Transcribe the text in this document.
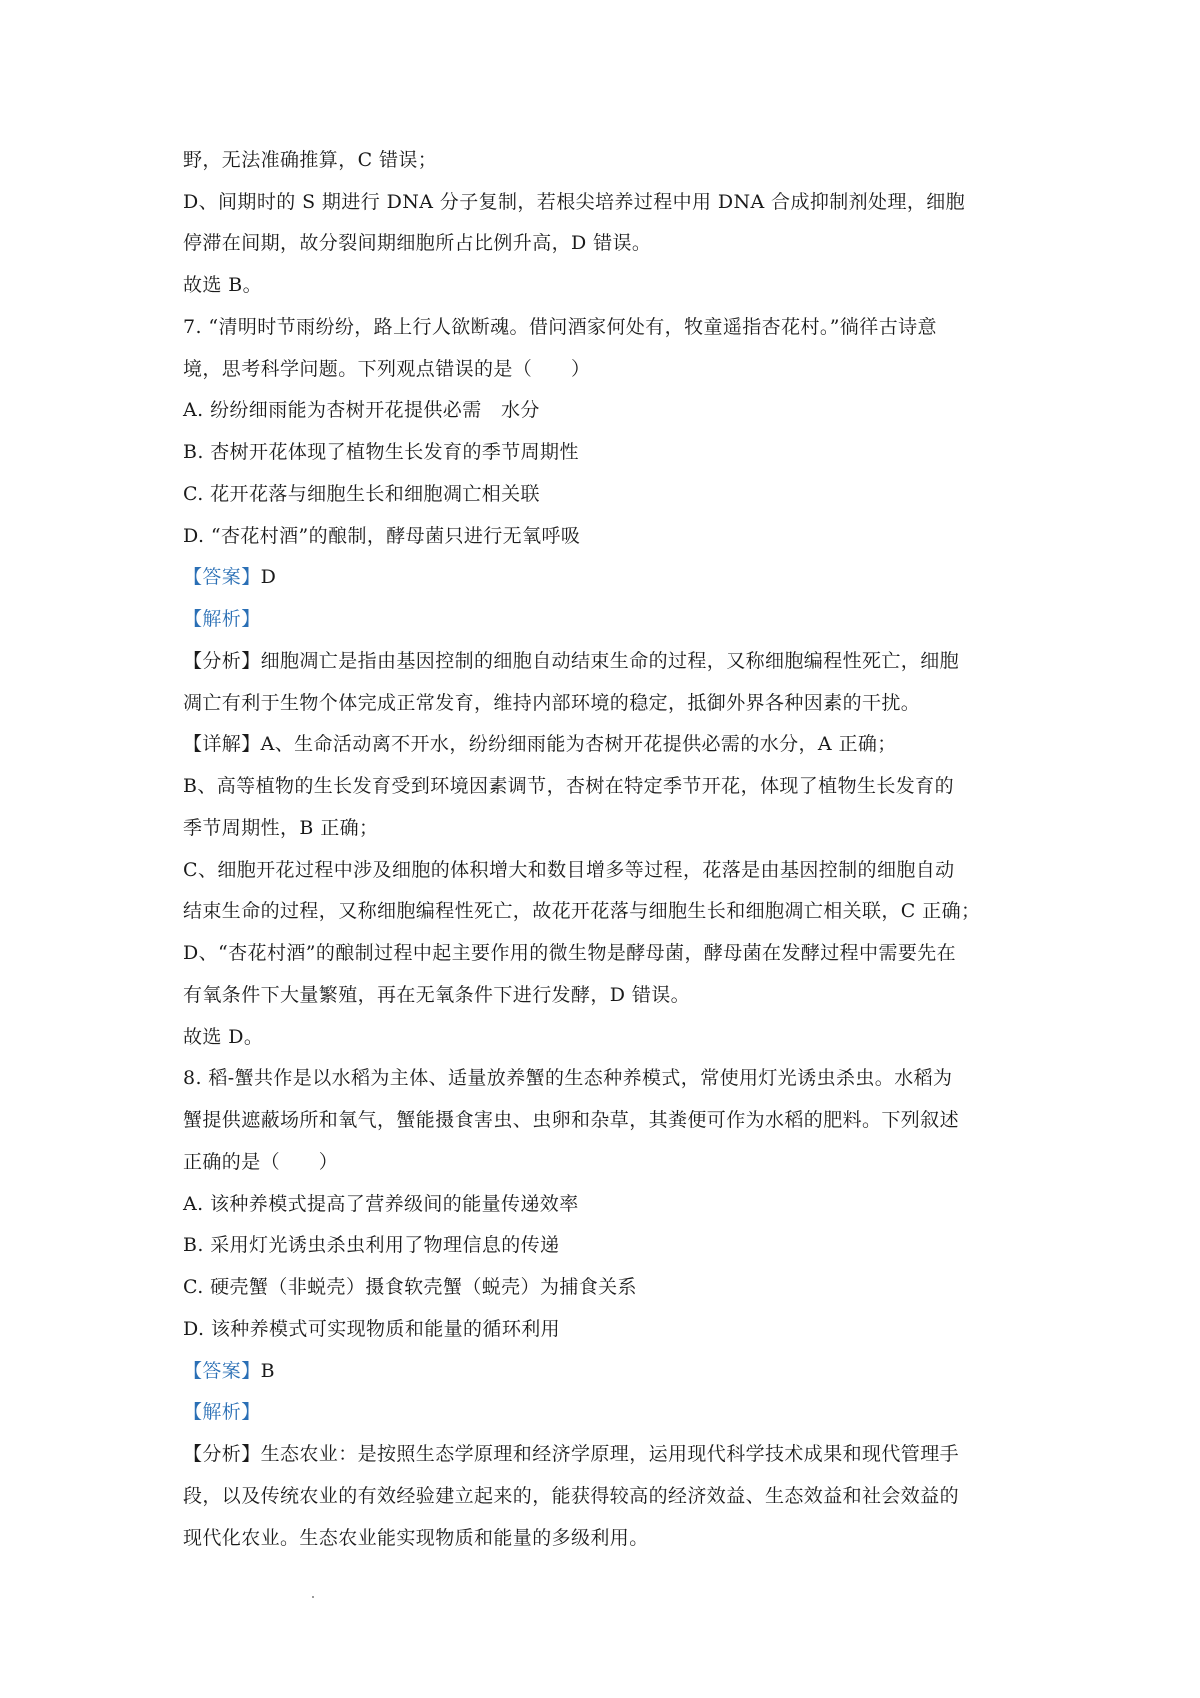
野，无法准确推算，C 错误；
D、间期时的 S 期进行 DNA 分子复制，若根尖培养过程中用 DNA 合成抑制剂处理，细胞
停滞在间期，故分裂间期细胞所占比例升高，D 错误。
故选 B。
7. “清明时节雨纷纷，路上行人欲断魂。借问酒家何处有，牧童遥指杏花村。”徜徉古诗意
境，思考科学问题。下列观点错误的是（　　）
A. 纷纷细雨能为杏树开花提供必需　水分
B. 杏树开花体现了植物生长发育的季节周期性
C. 花开花落与细胞生长和细胞凋亡相关联
D. “杏花村酒”的酿制，酵母菌只进行无氧呼吸
【答案】D
【解析】
【分析】细胞凋亡是指由基因控制的细胞自动结束生命的过程，又称细胞编程性死亡，细胞
凋亡有利于生物个体完成正常发育，维持内部环境的稳定，抵御外界各种因素的干扰。
【详解】A、生命活动离不开水，纷纷细雨能为杏树开花提供必需的水分，A 正确；
B、高等植物的生长发育受到环境因素调节，杏树在特定季节开花，体现了植物生长发育的
季节周期性，B 正确；
C、细胞开花过程中涉及细胞的体积增大和数目增多等过程，花落是由基因控制的细胞自动
结束生命的过程，又称细胞编程性死亡，故花开花落与细胞生长和细胞凋亡相关联，C 正确；
D、“杏花村酒”的酿制过程中起主要作用的微生物是酵母菌，酵母菌在发酵过程中需要先在
有氧条件下大量繁殖，再在无氧条件下进行发酵，D 错误。
故选 D。
8. 稻-蟹共作是以水稻为主体、适量放养蟹的生态种养模式，常使用灯光诱虫杀虫。水稻为
蟹提供遮蔽场所和氧气，蟹能摄食害虫、虫卵和杂草，其粪便可作为水稻的肥料。下列叙述
正确的是（　　）
A. 该种养模式提高了营养级间的能量传递效率
B. 采用灯光诱虫杀虫利用了物理信息的传递
C. 硬壳蟹（非蜕壳）摄食软壳蟹（蜕壳）为捕食关系
D. 该种养模式可实现物质和能量的循环利用
【答案】B
【解析】
【分析】生态农业：是按照生态学原理和经济学原理，运用现代科学技术成果和现代管理手
段，以及传统农业的有效经验建立起来的，能获得较高的经济效益、生态效益和社会效益的
现代化农业。生态农业能实现物质和能量的多级利用。
